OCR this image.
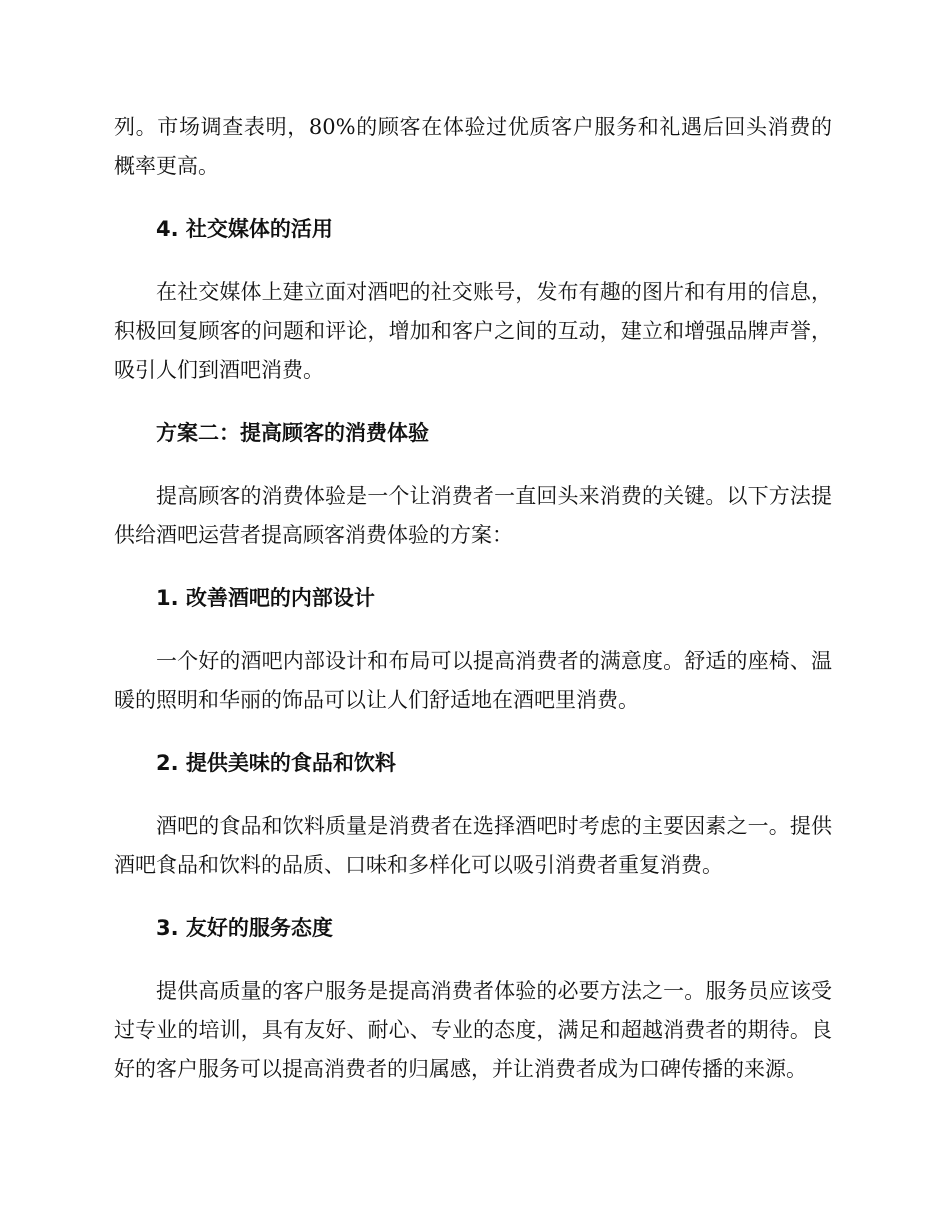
列。市场调查表明，80%的顾客在体验过优质客户服务和礼遇后回头消费的概率更高。

4. 社交媒体的活用

在社交媒体上建立面对酒吧的社交账号，发布有趣的图片和有用的信息，积极回复顾客的问题和评论，增加和客户之间的互动，建立和增强品牌声誉，吸引人们到酒吧消费。

方案二：提高顾客的消费体验

提高顾客的消费体验是一个让消费者一直回头来消费的关键。以下方法提供给酒吧运营者提高顾客消费体验的方案：

1. 改善酒吧的内部设计

一个好的酒吧内部设计和布局可以提高消费者的满意度。舒适的座椅、温暖的照明和华丽的饰品可以让人们舒适地在酒吧里消费。

2. 提供美味的食品和饮料

酒吧的食品和饮料质量是消费者在选择酒吧时考虑的主要因素之一。提供酒吧食品和饮料的品质、口味和多样化可以吸引消费者重复消费。

3. 友好的服务态度

提供高质量的客户服务是提高消费者体验的必要方法之一。服务员应该受过专业的培训，具有友好、耐心、专业的态度，满足和超越消费者的期待。良好的客户服务可以提高消费者的归属感，并让消费者成为口碑传播的来源。
